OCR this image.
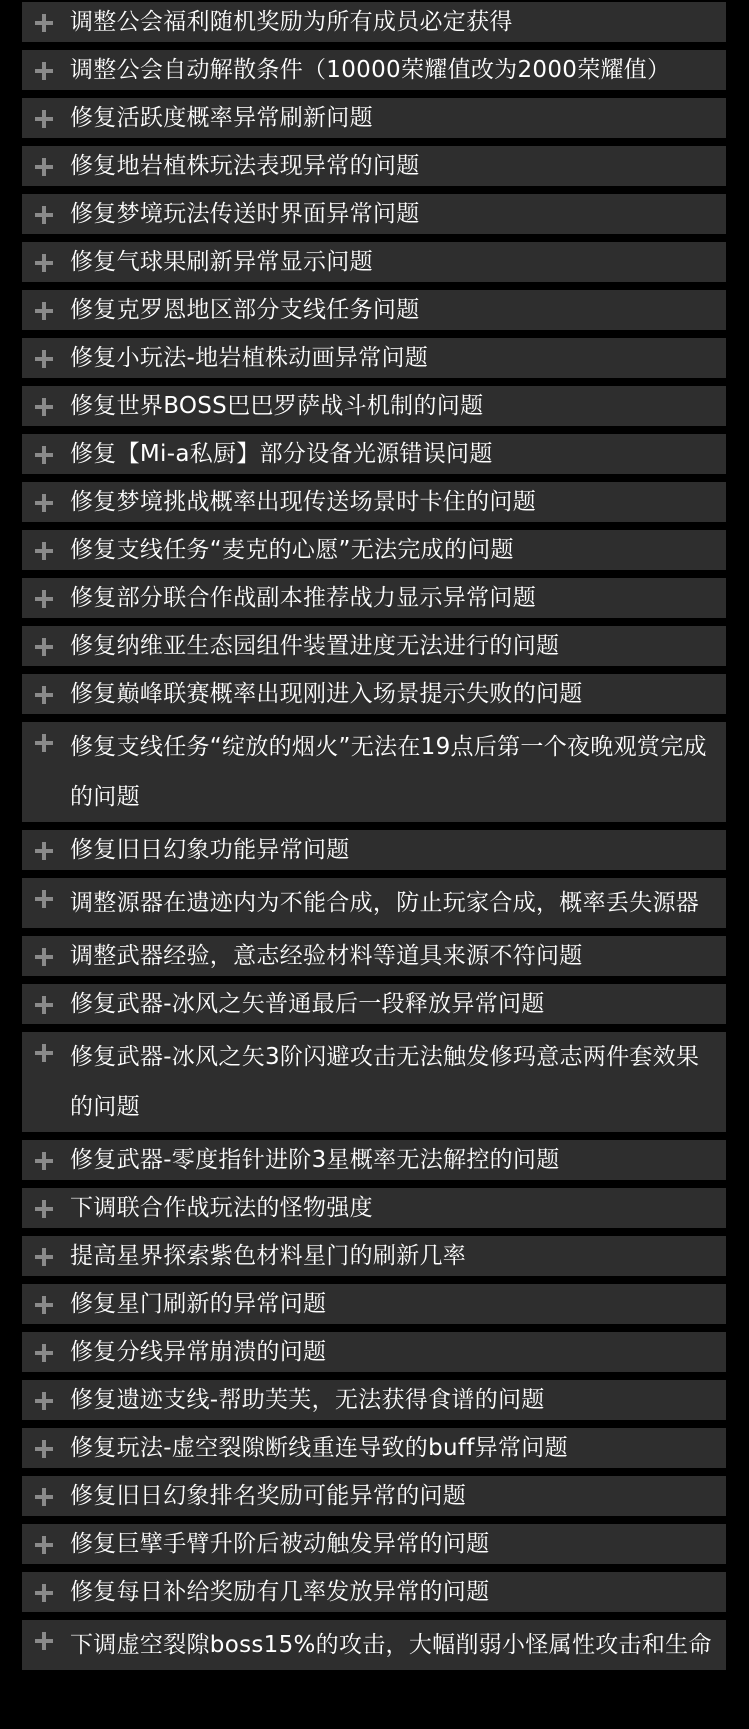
调整公会福利随机奖励为所有成员必定获得
调整公会自动解散条件（10000荣耀值改为2000荣耀值）
修复活跃度概率异常刷新问题
修复地岩植株玩法表现异常的问题
修复梦境玩法传送时界面异常问题
修复气球果刷新异常显示问题
修复克罗恩地区部分支线任务问题
修复小玩法-地岩植株动画异常问题
修复世界BOSS巴巴罗萨战斗机制的问题
修复【Mi-a私厨】部分设备光源错误问题
修复梦境挑战概率出现传送场景时卡住的问题
修复支线任务“麦克的心愿”无法完成的问题
修复部分联合作战副本推荐战力显示异常问题
修复纳维亚生态园组件装置进度无法进行的问题
修复巅峰联赛概率出现刚进入场景提示失败的问题
修复支线任务“绽放的烟火”无法在19点后第一个夜晚观赏完成的问题
修复旧日幻象功能异常问题
调整源器在遗迹内为不能合成，防止玩家合成，概率丢失源器
调整武器经验，意志经验材料等道具来源不符问题
修复武器-冰风之矢普通最后一段释放异常问题
修复武器-冰风之矢3阶闪避攻击无法触发修玛意志两件套效果的问题
修复武器-零度指针进阶3星概率无法解控的问题
下调联合作战玩法的怪物强度
提高星界探索紫色材料星门的刷新几率
修复星门刷新的异常问题
修复分线异常崩溃的问题
修复遗迹支线-帮助芙芙，无法获得食谱的问题
修复玩法-虚空裂隙断线重连导致的buff异常问题
修复旧日幻象排名奖励可能异常的问题
修复巨擘手臂升阶后被动触发异常的问题
修复每日补给奖励有几率发放异常的问题
下调虚空裂隙boss15%的攻击，大幅削弱小怪属性攻击和生命
